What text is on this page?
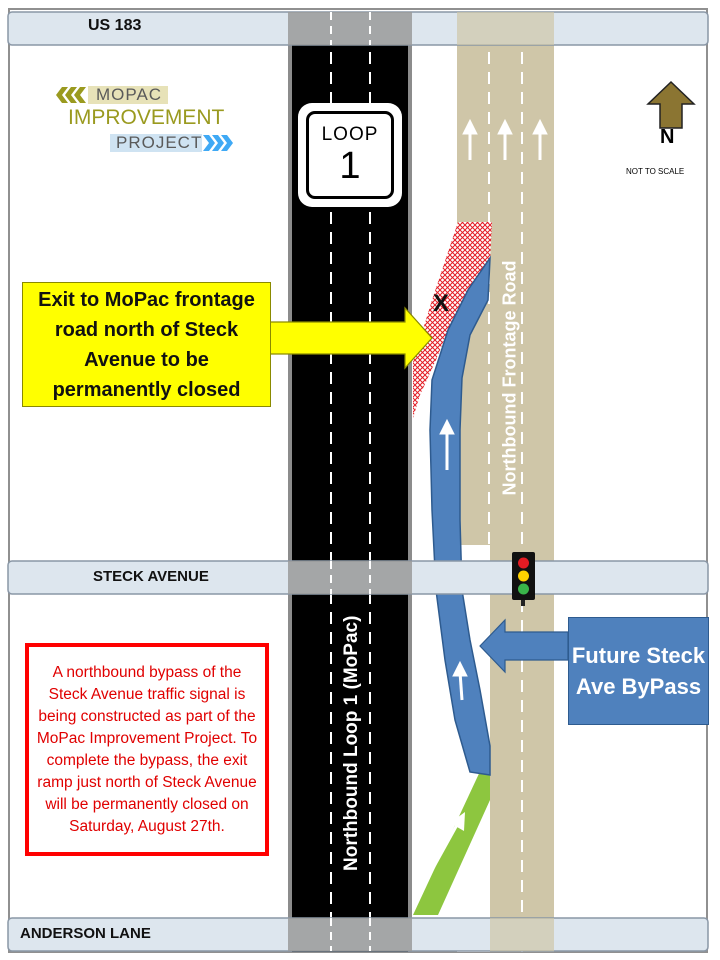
US 183
STECK AVENUE
ANDERSON LANE
MOPAC
IMPROVEMENT
PROJECT	LOOP
1
N
NOT TO SCALE
X
Northbound Loop 1 (MoPac)
Northbound Frontage Road
Exit to MoPac frontage road north of Steck Avenue to be permanently closed
Future Steck Ave ByPass
A northbound bypass of the Steck Avenue traffic signal is being constructed as part of the MoPac Improvement Project. To complete the bypass, the exit ramp just north of Steck Avenue will be permanently closed on Saturday, August 27th.
